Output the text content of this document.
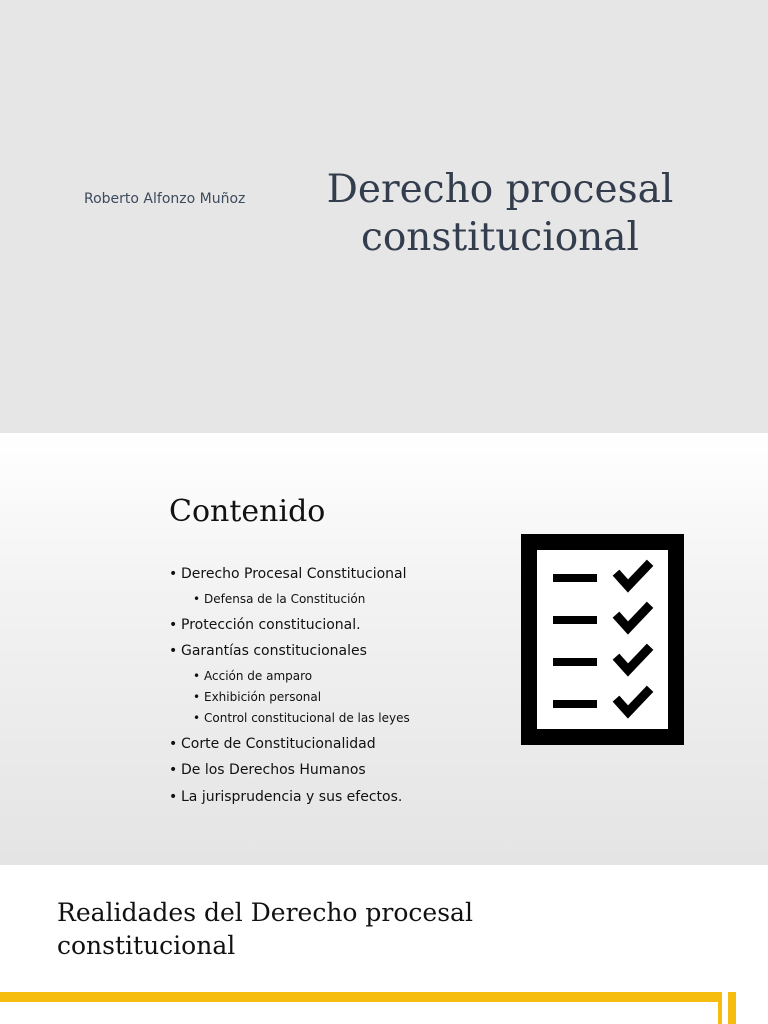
Roberto Alfonzo Muñoz Derecho procesal
constitucional
Contenido
• Derecho Procesal Constitucional
• Defensa de la Constitución
• Protección constitucional.
• Garantías constitucionales
• Acción de amparo
• Exhibición personal
• Control constitucional de las leyes
• Corte de Constitucionalidad
• De los Derechos Humanos
• La jurisprudencia y sus efectos.
Realidades del Derecho procesal
constitucional
